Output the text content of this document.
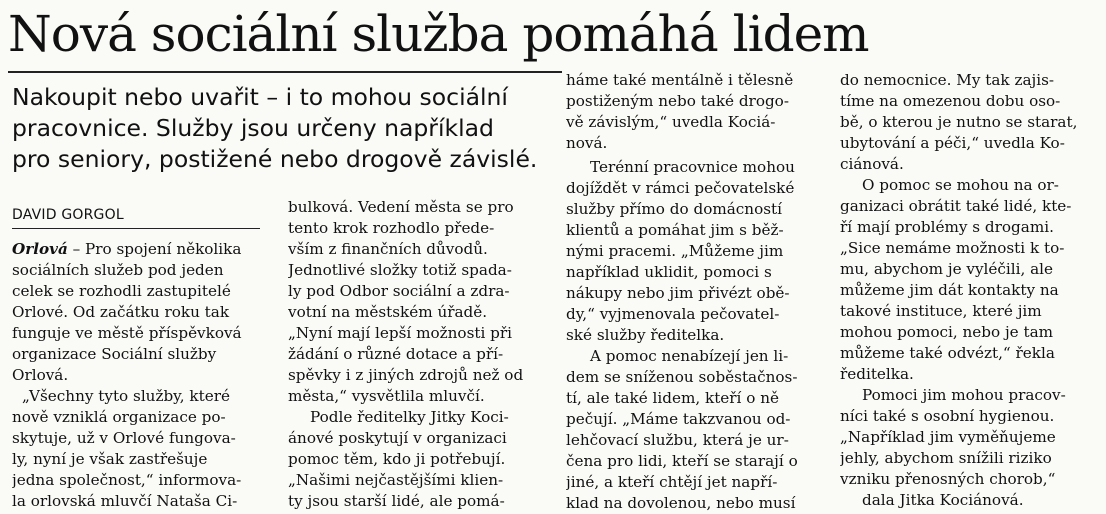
Nová sociální služba pomáhá lidem
Nakoupit nebo uvařit – i to mohou sociální
pracovnice. Služby jsou určeny například
pro seniory, postižené nebo drogově závislé.
DAVID GORGOL
Orlová – Pro spojení několika
sociálních služeb pod jeden
celek se rozhodli zastupitelé
Orlové. Od začátku roku tak
funguje ve městě příspěvková
organizace Sociální služby
Orlová.
„Všechny tyto služby, které
nově vzniklá organizace po-
skytuje, už v Orlové fungova-
ly, nyní je však zastřešuje
jedna společnost,“ informova-
la orlovská mluvčí Nataša Ci-
bulková. Vedení města se pro
tento krok rozhodlo přede-
vším z finančních důvodů.
Jednotlivé složky totiž spada-
ly pod Odbor sociální a zdra-
votní na městském úřadě.
„Nyní mají lepší možnosti při
žádání o různé dotace a pří-
spěvky i z jiných zdrojů než od
města,“ vysvětlila mluvčí.
Podle ředitelky Jitky Koci-
ánové poskytují v organizaci
pomoc těm, kdo ji potřebují.
„Našimi nejčastějšími klien-
ty jsou starší lidé, ale pomá-
háme také mentálně i tělesně
postiženým nebo také drogo-
vě závislým,“ uvedla Kociá-
nová.
Terénní pracovnice mohou
dojíždět v rámci pečovatelské
služby přímo do domácností
klientů a pomáhat jim s běž-
nými pracemi. „Můžeme jim
například uklidit, pomoci s
nákupy nebo jim přivézt obě-
dy,“ vyjmenovala pečovatel-
ské služby ředitelka.
A pomoc nenabízejí jen li-
dem se sníženou soběstačnos-
tí, ale také lidem, kteří o ně
pečují. „Máme takzvanou od-
lehčovací službu, která je ur-
čena pro lidi, kteří se starají o
jiné, a kteří chtějí jet napří-
klad na dovolenou, nebo musí
do nemocnice. My tak zajis-
tíme na omezenou dobu oso-
bě, o kterou je nutno se starat,
ubytování a péči,“ uvedla Ko-
ciánová.
O pomoc se mohou na or-
ganizaci obrátit také lidé, kte-
ří mají problémy s drogami.
„Sice nemáme možnosti k to-
mu, abychom je vyléčili, ale
můžeme jim dát kontakty na
takové instituce, které jim
mohou pomoci, nebo je tam
můžeme také odvézt,“ řekla
ředitelka.
Pomoci jim mohou pracov-
níci také s osobní hygienou.
„Například jim vyměňujeme
jehly, abychom snížili riziko
vzniku přenosných chorob,“
dala Jitka Kociánová.
